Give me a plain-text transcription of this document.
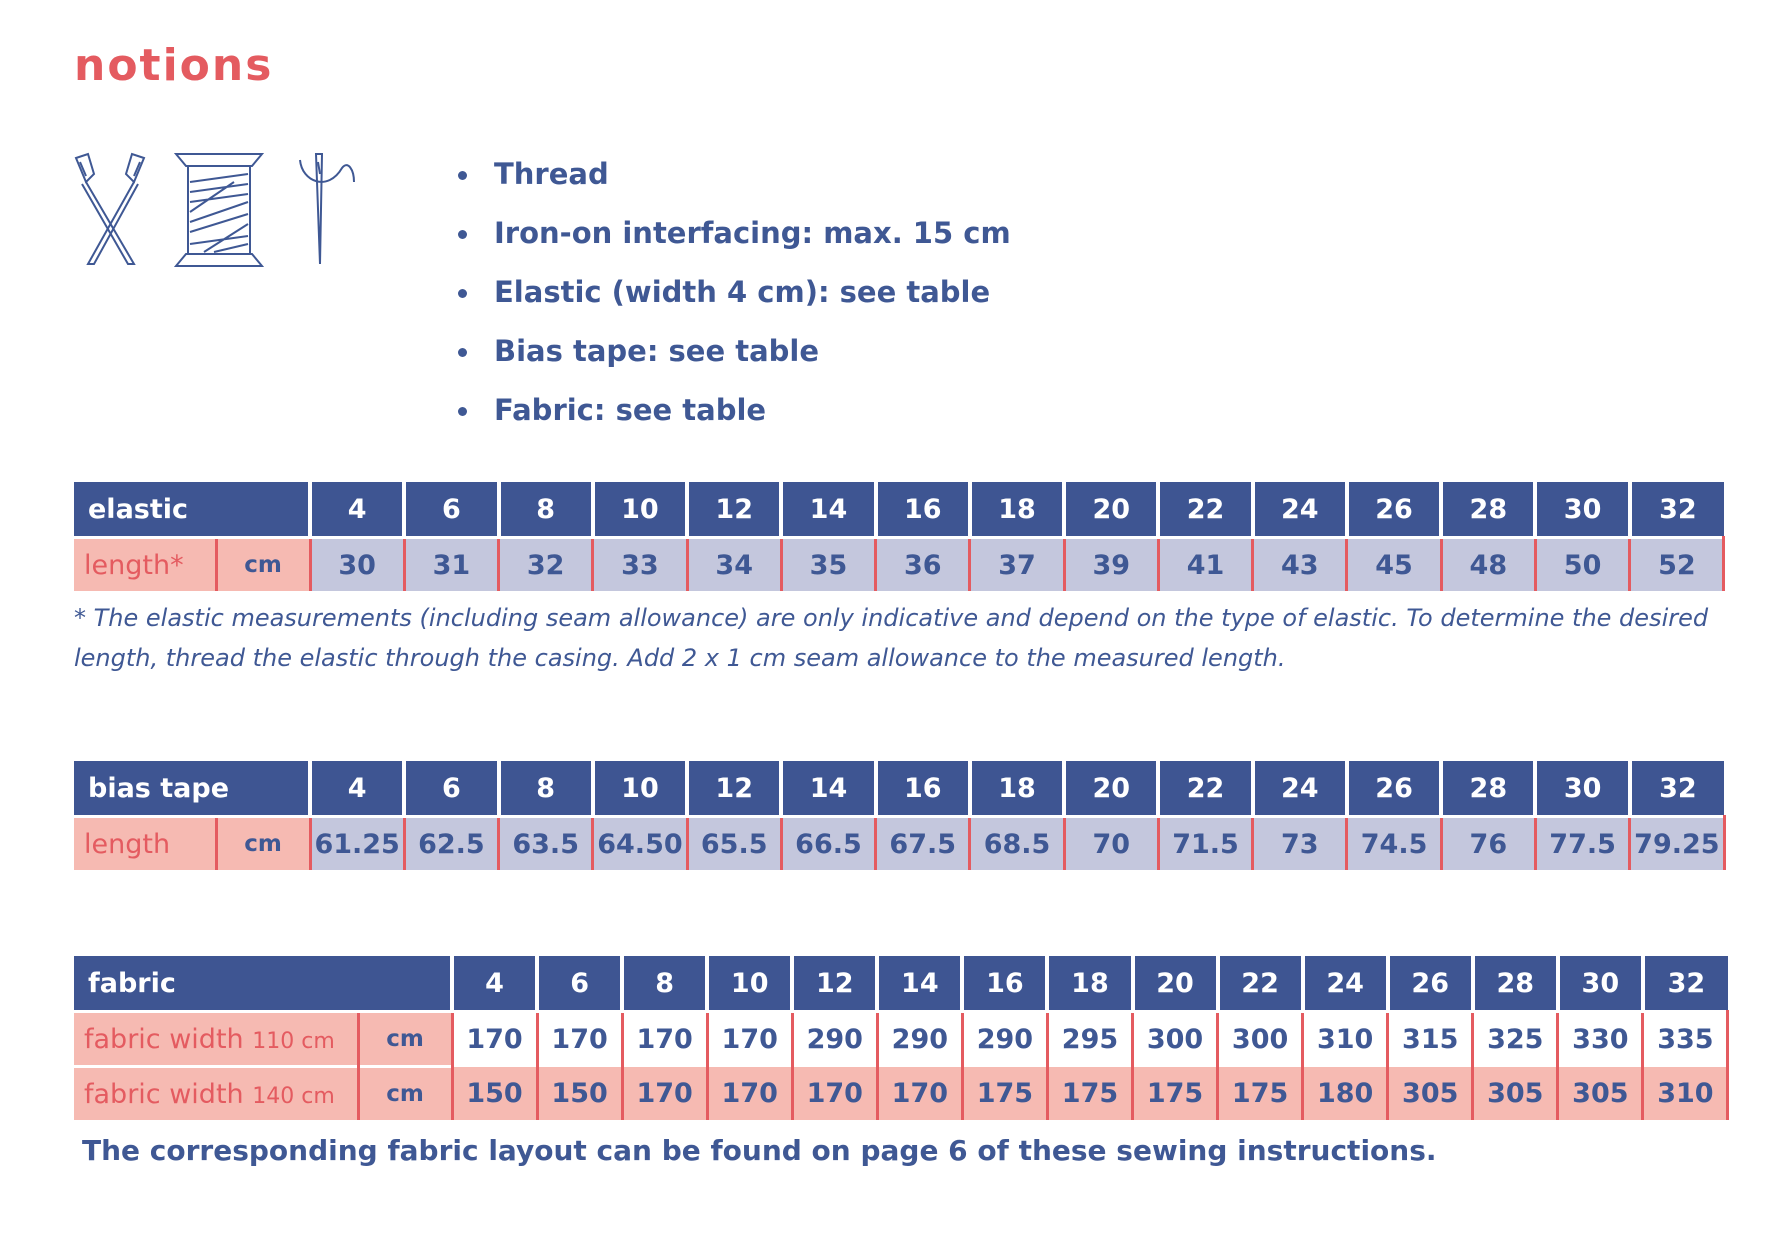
notions
Thread
Iron-on interfacing: max. 15 cm
Elastic (width 4 cm): see table
Bias tape: see table
Fabric: see table
elastic		4	6	8	10	12	14	16	18	20	22	24	26	28	30	32
length*	cm	30	31	32	33	34	35	36	37	39	41	43	45	48	50	52

* The elastic measurements (including seam allowance) are only indicative and depend on the type of elastic. To determine the desired length, thread the elastic through the casing. Add 2 x 1 cm seam allowance to the measured length.

bias tape		4	6	8	10	12	14	16	18	20	22	24	26	28	30	32
length	cm	61.25	62.5	63.5	64.50	65.5	66.5	67.5	68.5	70	71.5	73	74.5	76	77.5	79.25
fabric		4	6	8	10	12	14	16	18	20	22	24	26	28	30	32
fabric width 110 cm	cm	170	170	170	170	290	290	290	295	300	300	310	315	325	330	335
fabric width 140 cm	cm	150	150	170	170	170	170	175	175	175	175	180	305	305	305	310

The corresponding fabric layout can be found on page 6 of these sewing instructions.
